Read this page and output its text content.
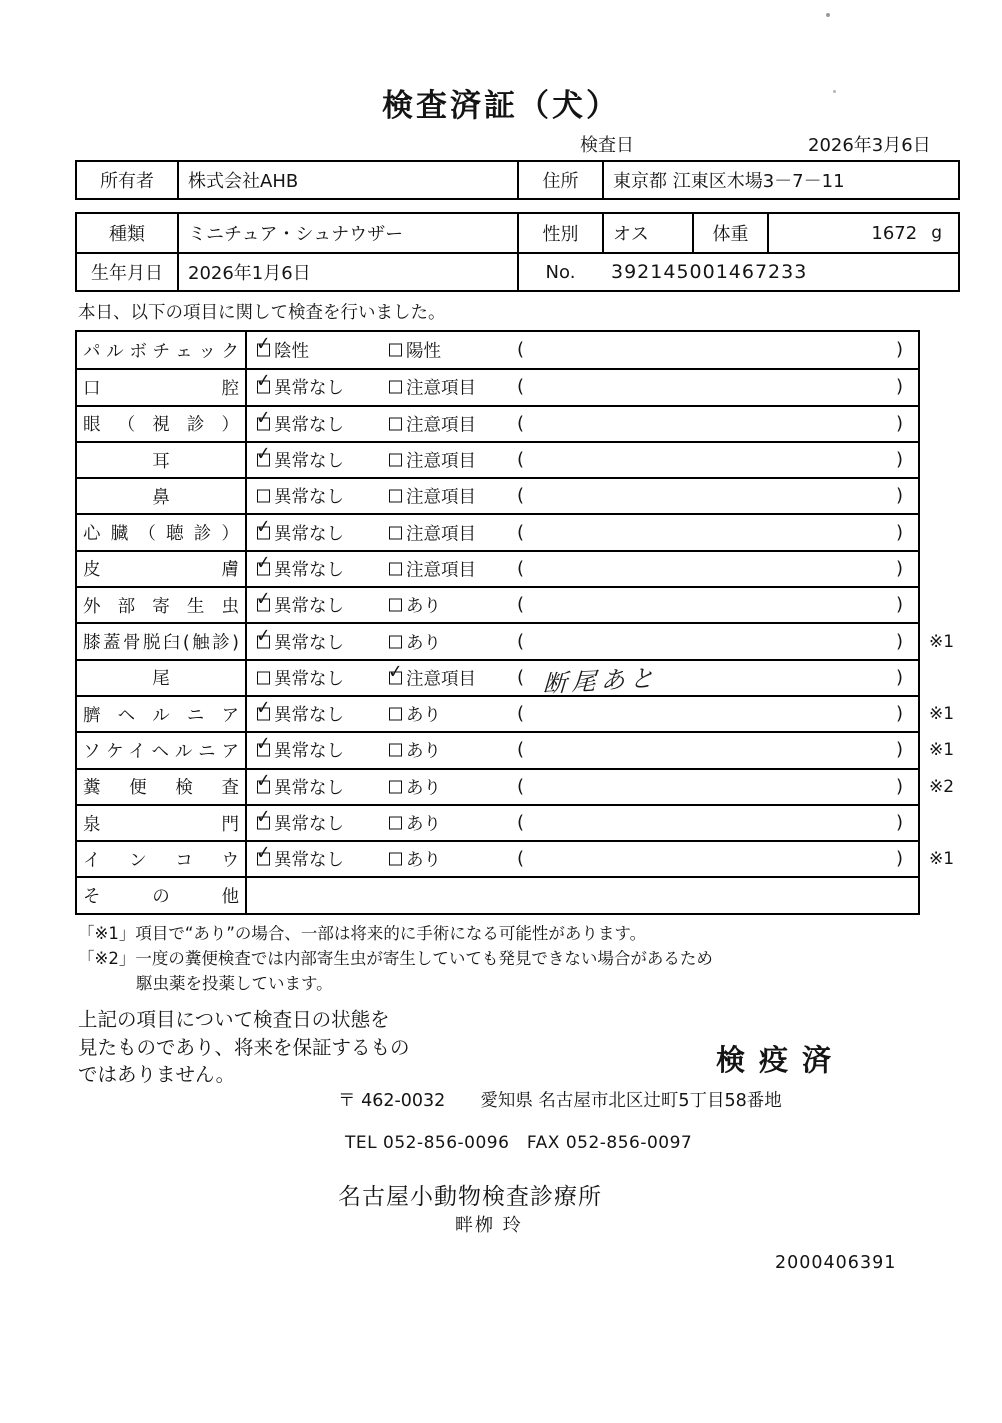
検査済証（犬）
検査日	2026年3月6日
所有者	株式会社AHB	住所	東京都 江東区木場3－7－11
種類	ミニチュア・シュナウザー	性別	オス	体重	1672 g
生年月日	2026年1月6日	No.	392145001467233
本日、以下の項目に関して検査を行いました。
パルボチェック ✓ 陰性	陽性	(	)
口腔 ✓ 異常なし	注意項目 (	)
眼（視診） ✓ 異常なし	注意項目 (	)
耳 ✓	異常なし	注意項目 (	)
鼻	異常なし	注意項目 (	)
心臓（聴診） ✓ 異常なし	注意項目 (	)
皮膚 ✓ 異常なし	注意項目 (	)
外部寄生虫 ✓ 異常なし	あり	(	)
膝蓋骨脱臼(触診) ✓ 異常なし	あり	(	) ※1
尾	異常なし ✓	注意項目 ( 断尾あと	)
臍ヘルニア ✓ 異常なし	あり	(	) ※1
ソケイヘルニア ✓ 異常なし	あり	(	) ※1
糞便検査 ✓ 異常なし	あり	(	) ※2
泉門 ✓ 異常なし	あり	(	)
インコウ ✓ 異常なし	あり	(	) ※1
その他
「※1」項目で“あり”の場合、一部は将来的に手術になる可能性があります。
「※2」一度の糞便検査では内部寄生虫が寄生していても発見できない場合があるため
駆虫薬を投薬しています。
上記の項目について検査日の状態を
見たものであり、将来を保証するもの
ではありません。	検疫済
〒 462-0032　　愛知県 名古屋市北区辻町5丁目58番地
TEL 052-856-0096　FAX 052-856-0097
名古屋小動物検査診療所
畔栁 玲
2000406391
